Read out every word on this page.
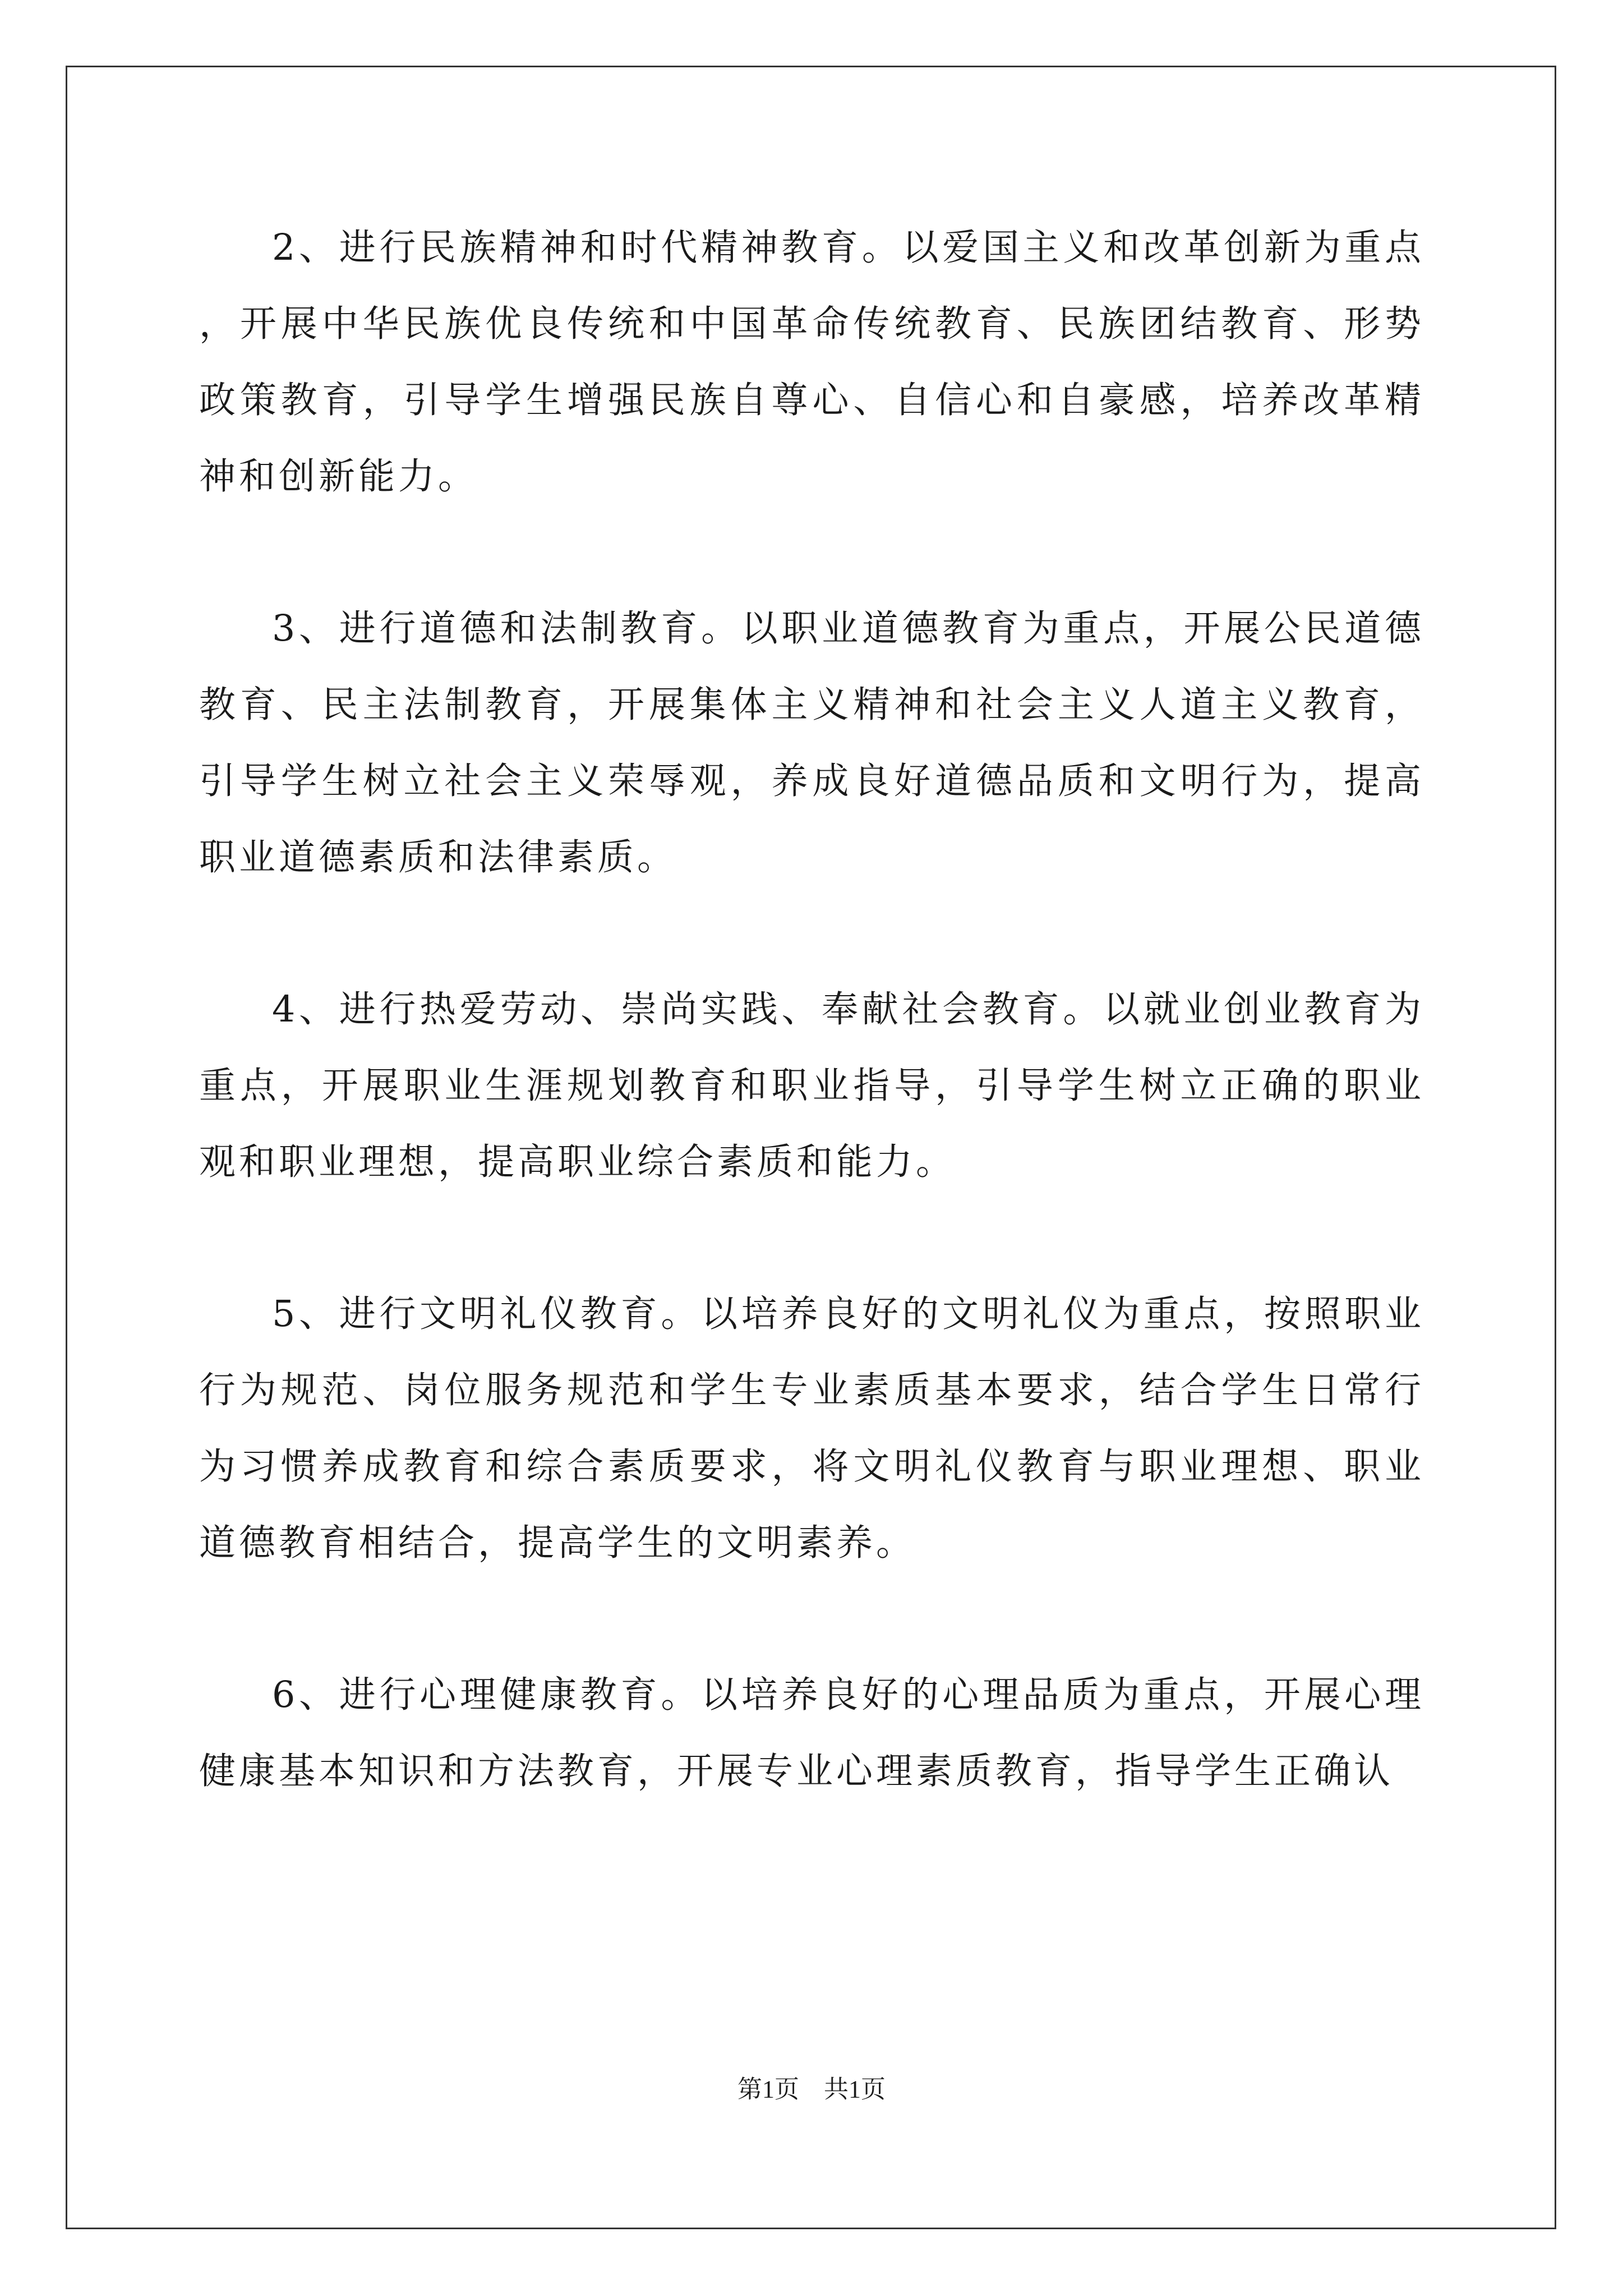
2、进行民族精神和时代精神教育。以爱国主义和改革创新为重点，开展中华民族优良传统和中国革命传统教育、民族团结教育、形势政策教育，引导学生增强民族自尊心、自信心和自豪感，培养改革精神和创新能力。

3、进行道德和法制教育。以职业道德教育为重点，开展公民道德教育、民主法制教育，开展集体主义精神和社会主义人道主义教育，引导学生树立社会主义荣辱观，养成良好道德品质和文明行为，提高职业道德素质和法律素质。

4、进行热爱劳动、崇尚实践、奉献社会教育。以就业创业教育为重点，开展职业生涯规划教育和职业指导，引导学生树立正确的职业观和职业理想，提高职业综合素质和能力。

5、进行文明礼仪教育。以培养良好的文明礼仪为重点，按照职业行为规范、岗位服务规范和学生专业素质基本要求，结合学生日常行为习惯养成教育和综合素质要求，将文明礼仪教育与职业理想、职业道德教育相结合，提高学生的文明素养。

6、进行心理健康教育。以培养良好的心理品质为重点，开展心理健康基本知识和方法教育，开展专业心理素质教育，指导学生正确认

第1页　共1页
